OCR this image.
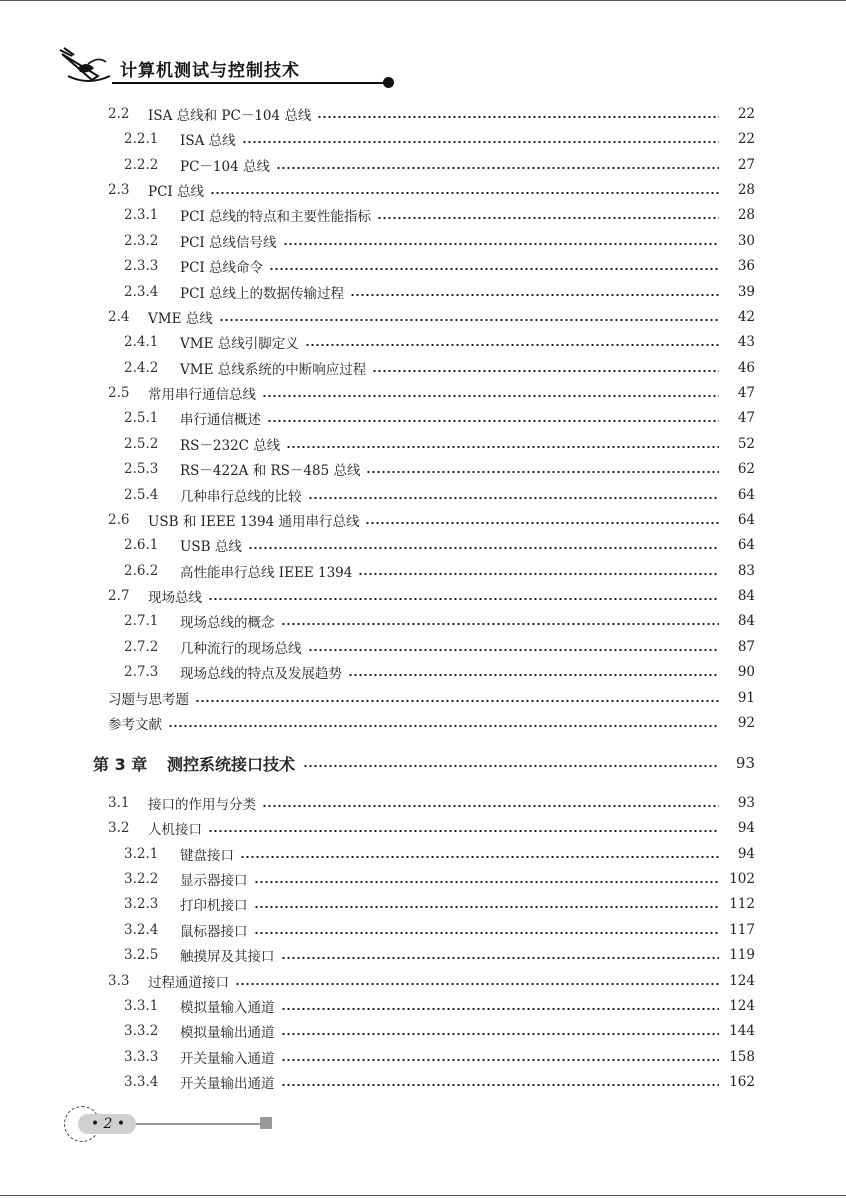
计算机测试与控制技术
2.2	ISA 总线和 PC－104 总线	22
2.2.1	ISA 总线	22
2.2.2	PC－104 总线	27
2.3	PCI 总线	28
2.3.1	PCI 总线的特点和主要性能指标	28
2.3.2	PCI 总线信号线	30
2.3.3	PCI 总线命令	36
2.3.4	PCI 总线上的数据传输过程	39
2.4	VME 总线	42
2.4.1	VME 总线引脚定义	43
2.4.2	VME 总线系统的中断响应过程	46
2.5	常用串行通信总线	47
2.5.1	串行通信概述	47
2.5.2	RS－232C 总线	52
2.5.3	RS－422A 和 RS－485 总线	62
2.5.4	几种串行总线的比较	64
2.6	USB 和 IEEE 1394 通用串行总线	64
2.6.1	USB 总线	64
2.6.2	高性能串行总线 IEEE 1394	83
2.7	现场总线	84
2.7.1	现场总线的概念	84
2.7.2	几种流行的现场总线	87
2.7.3	现场总线的特点及发展趋势	90
习题与思考题	91
参考文献	92
第 3 章	测控系统接口技术	93
3.1	接口的作用与分类	93
3.2	人机接口	94
3.2.1	键盘接口	94
3.2.2	显示器接口	102
3.2.3	打印机接口	112
3.2.4	鼠标器接口	117
3.2.5	触摸屏及其接口	119
3.3	过程通道接口	124
3.3.1	模拟量输入通道	124
3.3.2	模拟量输出通道	144
3.3.3	开关量输入通道	158
3.3.4	开关量输出通道	162
• 2 •
